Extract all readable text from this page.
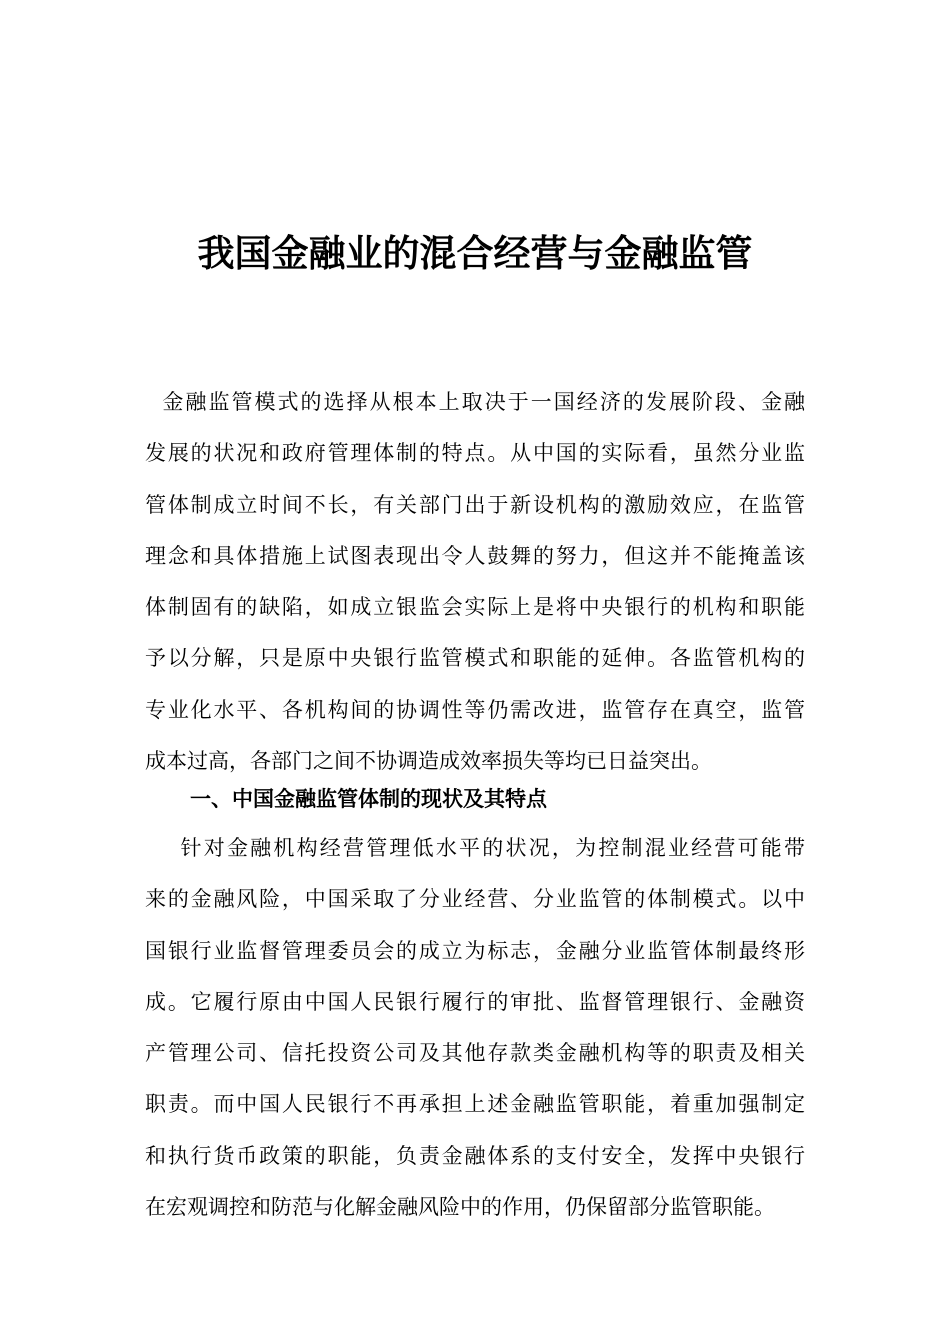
我国金融业的混合经营与金融监管
金融监管模式的选择从根本上取决于一国经济的发展阶段、金融
发展的状况和政府管理体制的特点。从中国的实际看，虽然分业监
管体制成立时间不长，有关部门出于新设机构的激励效应，在监管
理念和具体措施上试图表现出令人鼓舞的努力，但这并不能掩盖该
体制固有的缺陷，如成立银监会实际上是将中央银行的机构和职能
予以分解，只是原中央银行监管模式和职能的延伸。各监管机构的
专业化水平、各机构间的协调性等仍需改进，监管存在真空，监管
成本过高，各部门之间不协调造成效率损失等均已日益突出。
一、中国金融监管体制的现状及其特点
针对金融机构经营管理低水平的状况，为控制混业经营可能带
来的金融风险，中国采取了分业经营、分业监管的体制模式。以中
国银行业监督管理委员会的成立为标志，金融分业监管体制最终形
成。它履行原由中国人民银行履行的审批、监督管理银行、金融资
产管理公司、信托投资公司及其他存款类金融机构等的职责及相关
职责。而中国人民银行不再承担上述金融监管职能，着重加强制定
和执行货币政策的职能，负责金融体系的支付安全，发挥中央银行
在宏观调控和防范与化解金融风险中的作用，仍保留部分监管职能。
